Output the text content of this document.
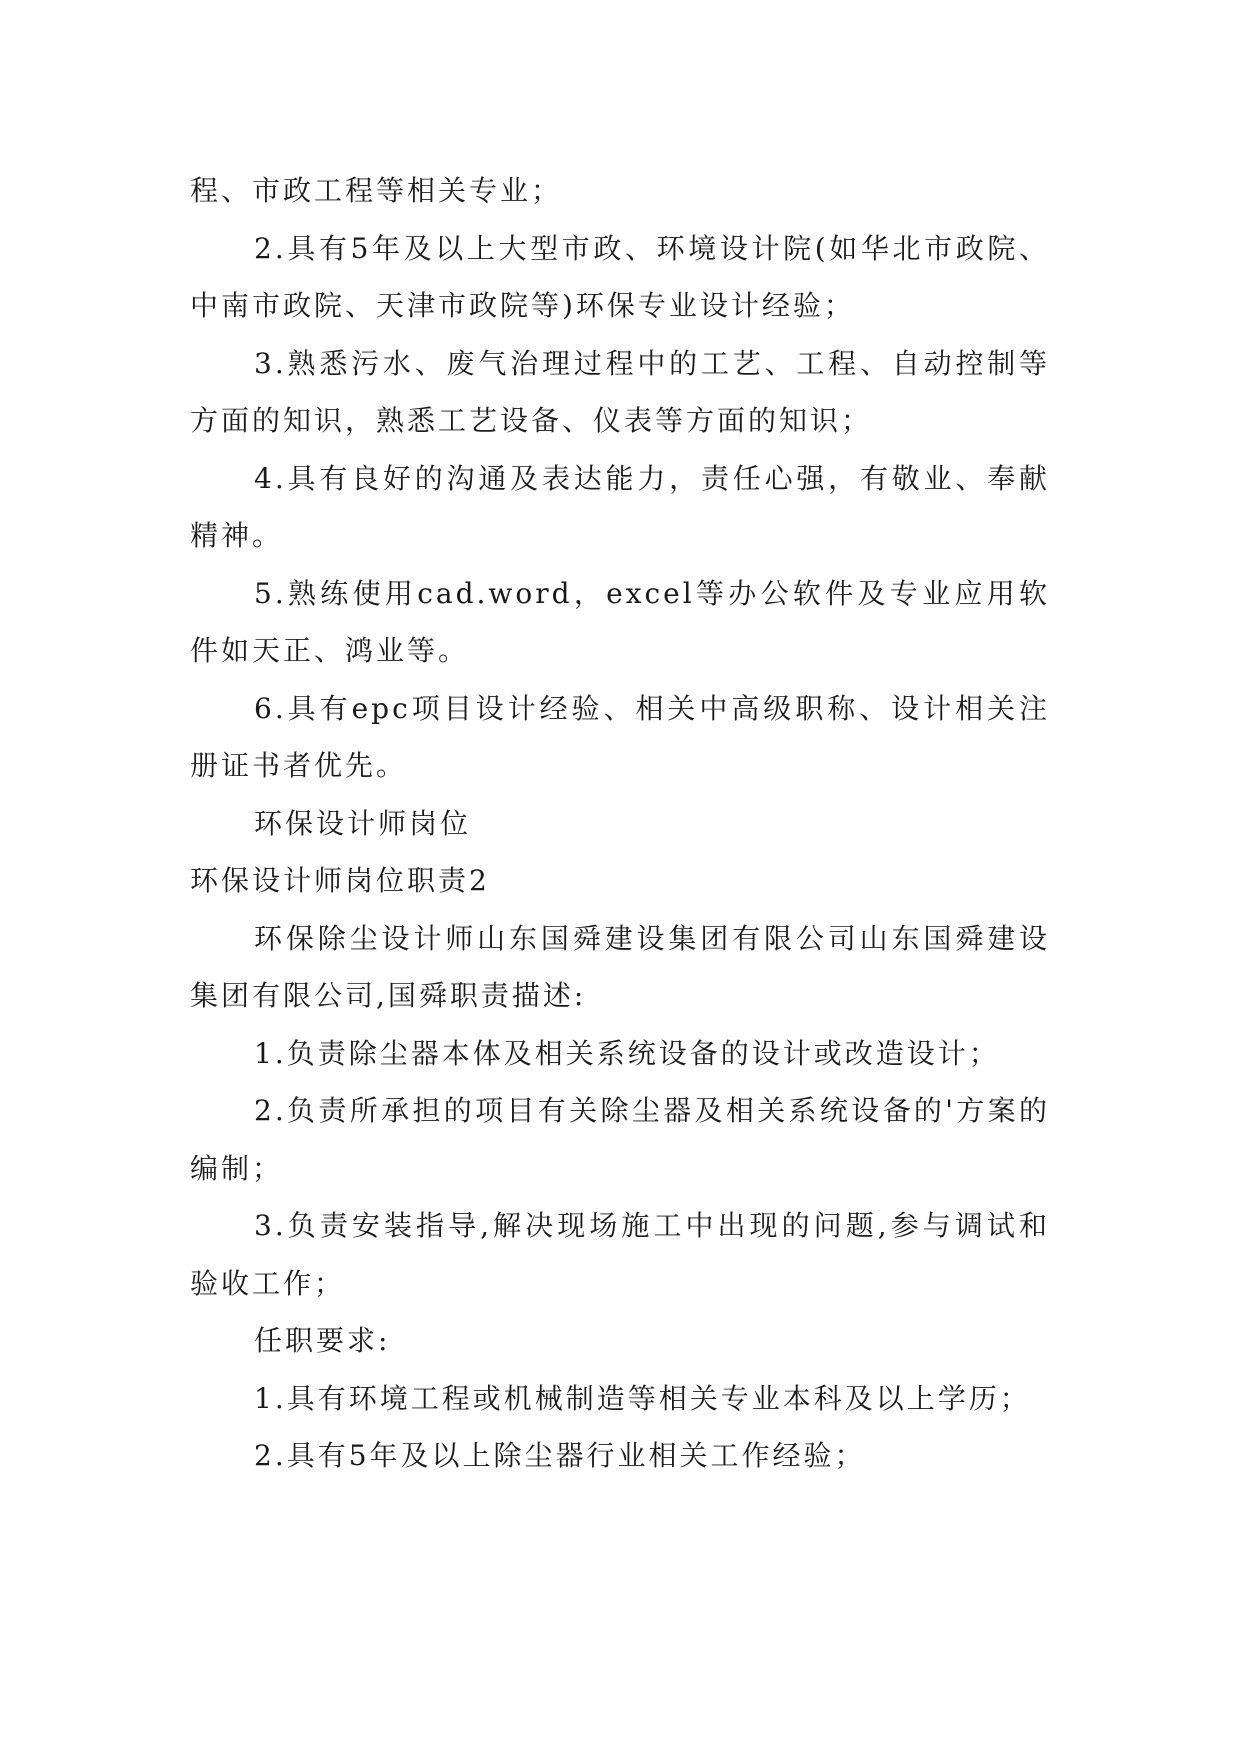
程、市政工程等相关专业；

2.具有5年及以上大型市政、环境设计院(如华北市政院、中南市政院、天津市政院等)环保专业设计经验；

3.熟悉污水、废气治理过程中的工艺、工程、自动控制等方面的知识，熟悉工艺设备、仪表等方面的知识；

4.具有良好的沟通及表达能力，责任心强，有敬业、奉献精神。

5.熟练使用cad.word，excel等办公软件及专业应用软件如天正、鸿业等。

6.具有epc项目设计经验、相关中高级职称、设计相关注册证书者优先。

环保设计师岗位

环保设计师岗位职责2

环保除尘设计师山东国舜建设集团有限公司山东国舜建设集团有限公司,国舜职责描述:

1.负责除尘器本体及相关系统设备的设计或改造设计；

2.负责所承担的项目有关除尘器及相关系统设备的'方案的编制；

3.负责安装指导,解决现场施工中出现的问题,参与调试和验收工作；

任职要求:

1.具有环境工程或机械制造等相关专业本科及以上学历；

2.具有5年及以上除尘器行业相关工作经验；
